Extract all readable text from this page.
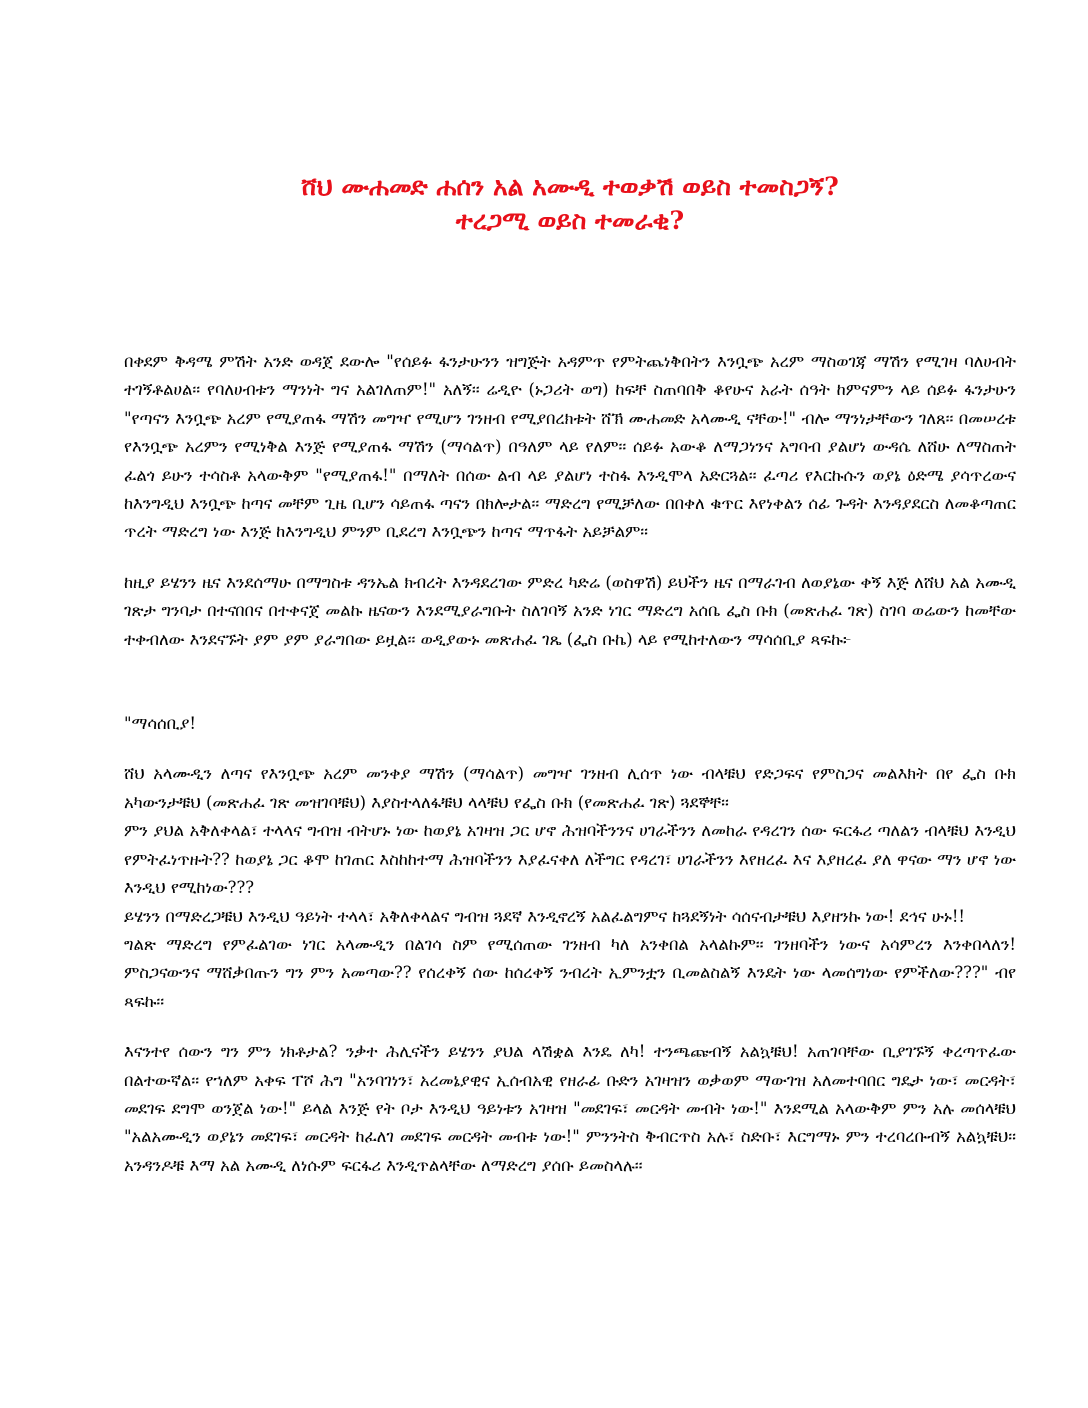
ሸህ ሙሐመድ ሐሰን አል አሙዲ ተወቃሽ ወይስ ተመስጋኝ?
ተረጋሚ ወይስ ተመራቂ?

በቀደም ቅዳሜ ምሽት አንድ ወዳጀ ደውሎ "የሰይፉ ፋንታሁንን ዝግጅት አዳምጥ የምትጨነቅበትን እንቧጭ አረም ማስወገጃ ማሽን የሚገዛ ባለሀብት ተገኝቶልሀል፡፡ የባለሀብቱን ማንነት ግና አልገለጠም!" አለኝ፡፡ ሬዲዮ (ኑጋሪት ወግ) ከፍቸ ስጠባበቅ ቆየሁና አራት ሰዓት ከምናምን ላይ ሰይፉ ፋንታሁን "የጣናን እንቧጭ አረም የሚያጠፋ ማሽን መግዣ የሚሆን ገንዘብ የሚያበረክቱት ሸኽ ሙሐመድ አላሙዲ ናቸው!" ብሎ ማንነታቸውን ገለጸ፡፡ በመሠረቱ የእንቧጭ አረምን የሚነቅል እንጅ የሚያጠፋ ማሽን (ማሳልጥ) በዓለም ላይ የለም፡፡ ሰይፉ አውቆ ለማጋነንና አግባብ ያልሆነ ውዳሴ ለሸሁ ለማስጠት ፈልጎ ይሁን ተሳስቶ አላውቅም "የሚያጠፋ!" በማለት በሰው ልብ ላይ ያልሆነ ተስፋ እንዲሞላ አድርጓል፡፡ ፈጣሪ የእርኩሱን ወያኔ ዕድሜ ያሳጥረውና ከእንግዲህ እንቧጭ ከጣና መቸም ጊዜ ቢሆን ሳይጠፋ ጣናን በክሎታል፡፡ ማድረግ የሚቻለው በበቀለ ቁጥር እየነቀልን ሰፊ ጉዳት እንዳያደርስ ለመቆጣጠር ጥረት ማድረግ ነው እንጅ ከእንግዲህ ምንም ቢደረግ እንቧጭን ከጣና ማጥፋት አይቻልም፡፡

ከዚያ ይሄንን ዜና እንደሰማሁ በማግስቱ ዳንኤል ክብረት እንዳደረገው ምድረ ካድሬ (ወስዋሽ) ይህችን ዜና በማራገብ ለወያኔው ቀኝ እጅ ለሸህ አል አሙዲ ገጽታ ግንባታ በተናበበና በተቀናጀ መልኩ ዜናውን እንደሚያራግቡት ስለገባኝ አንድ ነገር ማድረግ አሰቤ ፌስ ቡክ (መጽሐፈ ገጽ) ስገባ ወሬውን ከመቸው ተቀብለው እንደናኙት ያም ያም ያራግበው ይዟል፡፡ ወዲያውኑ መጽሐፈ ገጼ (ፌስ ቡኬ) ላይ የሚከተለውን ማሳሰቢያ ጻፍኩ፦

"ማሳሰቢያ!

ሸህ አላሙዲን ለጣና የእንቧጭ አረም መንቀያ ማሽን (ማሳልጥ) መግዣ ገንዘብ ሊሰጥ ነው ብላቹህ የድጋፍና የምስጋና መልእክት በየ ፌስ ቡክ አካውንታቹህ (መጽሐፈ ገጽ መዝገባቹህ) እያስተላለፋቹህ ላላቹህ የፌስ ቡክ (የመጽሐፈ ገጽ) ጓደኞቸ፡፡
ምን ያህል አቅለቀላል፣ ተላላና ግብዝ ብትሆኑ ነው ከወያኔ አገዛዝ ጋር ሆኖ ሕዝባችንንና ሀገራችንን ለመከራ የዳረገን ሰው ፍርፋሪ ጣለልን ብላቹህ እንዲህ የምትፈነጥዙት?? ከወያኔ ጋር ቆሞ ከገጠር እስከከተማ ሕዝባችንን እያፈናቀለ ለችግር የዳረገ፣ ሀገራችንን እየዘረፈ እና እያዘረፈ ያለ ዋናው ማን ሆኖ ነው እንዲህ የሚከነው???
ይሄንን በማድረጋቹህ እንዲህ ዓይነት ተላላ፣ አቅለቀላልና ግብዝ ጓደኛ እንዲኖረኝ አልፈልግምና ከጓደኝነት ሳሰናብታቹህ እያዘንኩ ነው! ደኅና ሁኑ!!
ግልጽ ማድረግ የምፈልገው ነገር አላሙዲን በልገሳ ስም የሚሰጠው ገንዘብ ካለ አንቀበል አላልኩም፡፡ ገንዘባችን ነውና አሳምረን እንቀበላለን! ምስጋናውንና ማሸቃበጡን ግን ምን አመጣው?? የሰረቀኝ ሰው ከሰረቀኝ ንብረት ኢምንቷን ቢመልስልኝ እንዴት ነው ላመሰግነው የምችለው???" ብየ ጻፍኩ፡፡

እናንተየ ሰውን ግን ምን ነክቶታል? ንቃተ ሕሊናችን ይሄንን ያህል ላሽቋል እንዴ ለካ! ተንጫጩብኝ አልኳቹህ! አጠገባቸው ቢያገኙኝ ቀረጣጥፈው በልተውኛል፡፡ የኀለም አቀፍ ፐሾ ሕግ "አንባገነን፣ አረመኔያዊና ኢሰብአዊ የዘራፊ ቡድን አገዛዝን ወቃወም ማውገዝ አለመተባበር ግዴታ ነው፣ መርዳት፣ መደገፍ ደግሞ ወንጀል ነው!" ይላል እንጅ የት ቦታ እንዲህ ዓይነቱን አገዛዝ "መደገፍ፣ መርዳት መብት ነው!" እንደሚል አላውቅም ምን አሉ መሰላቹህ "አልአሙዲን ወያኔን መደገፍ፣ መርዳት ከፈለገ መደገፍ መርዳት መብቱ ነው!" ምንንትስ ቅብርጥስ አሉ፣ ስድቡ፣ እርግማኑ ምን ተረባረቡብኝ አልኳቹህ፡፡ አንዳንዶቹ እማ አል አሙዲ ለነሱም ፍርፋሪ እንዲጥልላቸው ለማድረግ ያሰቡ ይመስላሉ፡፡
